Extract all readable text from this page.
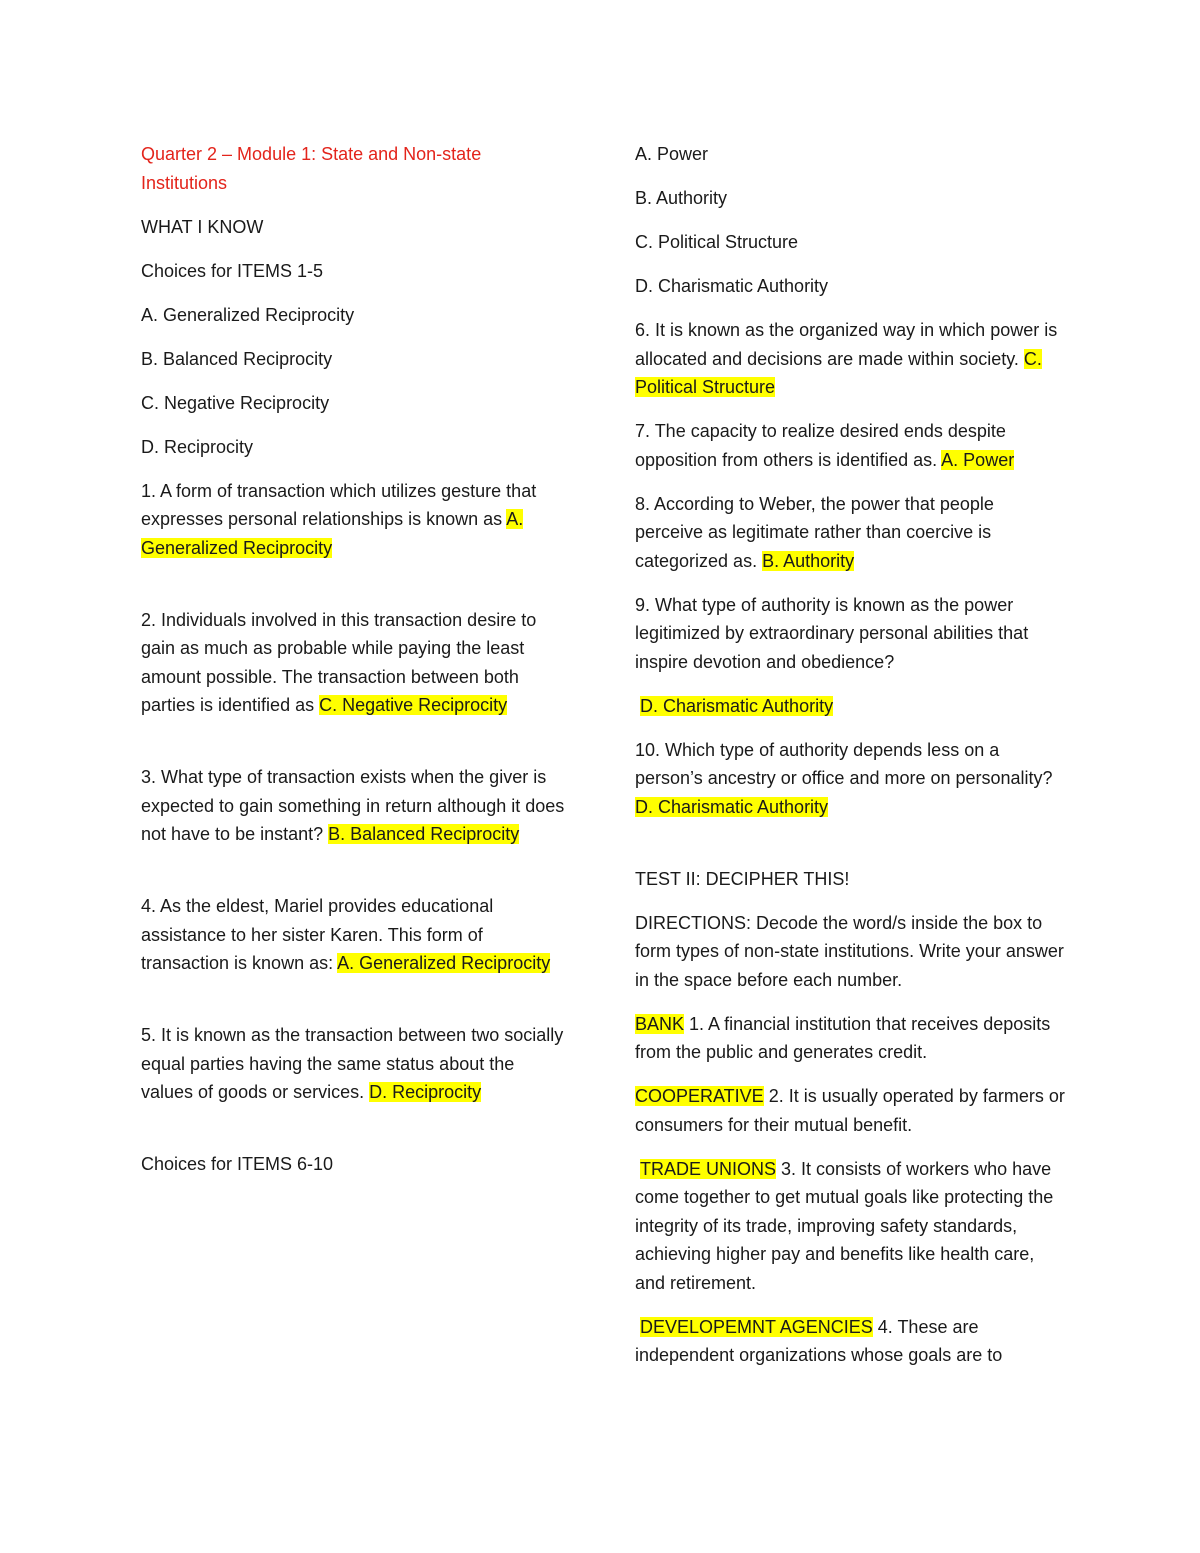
Quarter 2 – Module 1: State and Non-state Institutions

WHAT I KNOW

Choices for ITEMS 1-5

A. Generalized Reciprocity

B. Balanced Reciprocity

C. Negative Reciprocity

D. Reciprocity

1. A form of transaction which utilizes gesture that expresses personal relationships is known as A. Generalized Reciprocity

2. Individuals involved in this transaction desire to gain as much as probable while paying the least amount possible. The transaction between both parties is identified as C. Negative Reciprocity

3. What type of transaction exists when the giver is expected to gain something in return although it does not have to be instant? B. Balanced Reciprocity

4. As the eldest, Mariel provides educational assistance to her sister Karen. This form of transaction is known as: A. Generalized Reciprocity

5. It is known as the transaction between two socially equal parties having the same status about the values of goods or services. D. Reciprocity

Choices for ITEMS 6-10

A. Power

B. Authority

C. Political Structure

D. Charismatic Authority

6. It is known as the organized way in which power is allocated and decisions are made within society. C. Political Structure

7. The capacity to realize desired ends despite opposition from others is identified as. A. Power

8. According to Weber, the power that people perceive as legitimate rather than coercive is categorized as. B. Authority

9. What type of authority is known as the power legitimized by extraordinary personal abilities that inspire devotion and obedience?

D. Charismatic Authority

10. Which type of authority depends less on a person’s ancestry or office and more on personality? D. Charismatic Authority

TEST II: DECIPHER THIS!

DIRECTIONS: Decode the word/s inside the box to form types of non-state institutions. Write your answer in the space before each number.

BANK 1. A financial institution that receives deposits from the public and generates credit.

COOPERATIVE 2. It is usually operated by farmers or consumers for their mutual benefit.

TRADE UNIONS 3. It consists of workers who have come together to get mutual goals like protecting the integrity of its trade, improving safety standards, achieving higher pay and benefits like health care, and retirement.

DEVELOPEMNT AGENCIES 4. These are independent organizations whose goals are to
